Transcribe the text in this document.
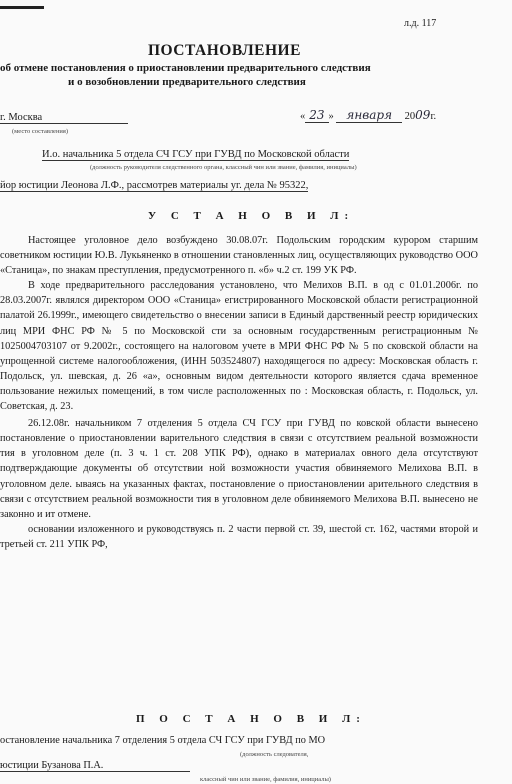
л.д. 117
ПОСТАНОВЛЕНИЕ
об отмене постановления о приостановлении предварительного следствия
и о возобновлении предварительного следствия
г. Москва
(место составления)
« 23 » января 2009г.
И.о. начальника 5 отдела СЧ ГСУ при ГУВД по Московской области
(должность руководителя следственного органа, классный чин или звание, фамилия, инициалы)
йор юстиции Леонова Л.Ф., рассмотрев материалы уг. дела № 95322,
У С Т А Н О В И Л:

Настоящее уголовное дело возбуждено 30.08.07г. Подольским городским курором старшим советником юстиции Ю.В. Лукьяненко в отношении становленных лиц, осуществляющих руководство ООО «Станица», по знакам преступления, предусмотренного п. «б» ч.2 ст. 199 УК РФ.

В ходе предварительного расследования установлено, что Мелихов В.П. в од с 01.01.2006г. по 28.03.2007г. являлся директором ООО «Станица» егистрированного Московской области регистрационной палатой 26.1999г., имеющего свидетельство о внесении записи в Единый дарственный реестр юридических лиц МРИ ФНС РФ № 5 по Московской сти за основным государственным регистрационным № 1025004703107 от 9.2002г., состоящего на налоговом учете в МРИ ФНС РФ № 5 по сковской области на упрощенной системе налогообложения, (ИНН 503524807) находящегося по адресу: Московская область г. Подольск, ул. шевская, д. 26 «а», основным видом деятельности которого является сдача временное пользование нежилых помещений, в том числе расположенных по : Московская область, г. Подольск, ул. Советская, д. 23.

26.12.08г. начальником 7 отделения 5 отдела СЧ ГСУ при ГУВД по ковской области вынесено постановление о приостановлении варительного следствия в связи с отсутствием реальной возможности тия в уголовном деле (п. 3 ч. 1 ст. 208 УПК РФ), однако в материалах овного дела отсутствуют подтверждающие документы об отсутствии ной возможности участия обвиняемого Мелихова В.П. в уголовном деле. ываясь на указанных фактах, постановление о приостановлении арительного следствия в связи с отсутствием реальной возможности тия в уголовном деле обвиняемого Мелихова В.П. вынесено не законно и ит отмене.

основании изложенного и руководствуясь п. 2 части первой ст. 39, шестой ст. 162, частями второй и третьей ст. 211 УПК РФ,

П О С Т А Н О В И Л:
остановление начальника 7 отделения 5 отдела СЧ ГСУ при ГУВД по МО
(должность следователя,
юстиции Бузанова П.А.
классный чин или звание, фамилия, инициалы)
